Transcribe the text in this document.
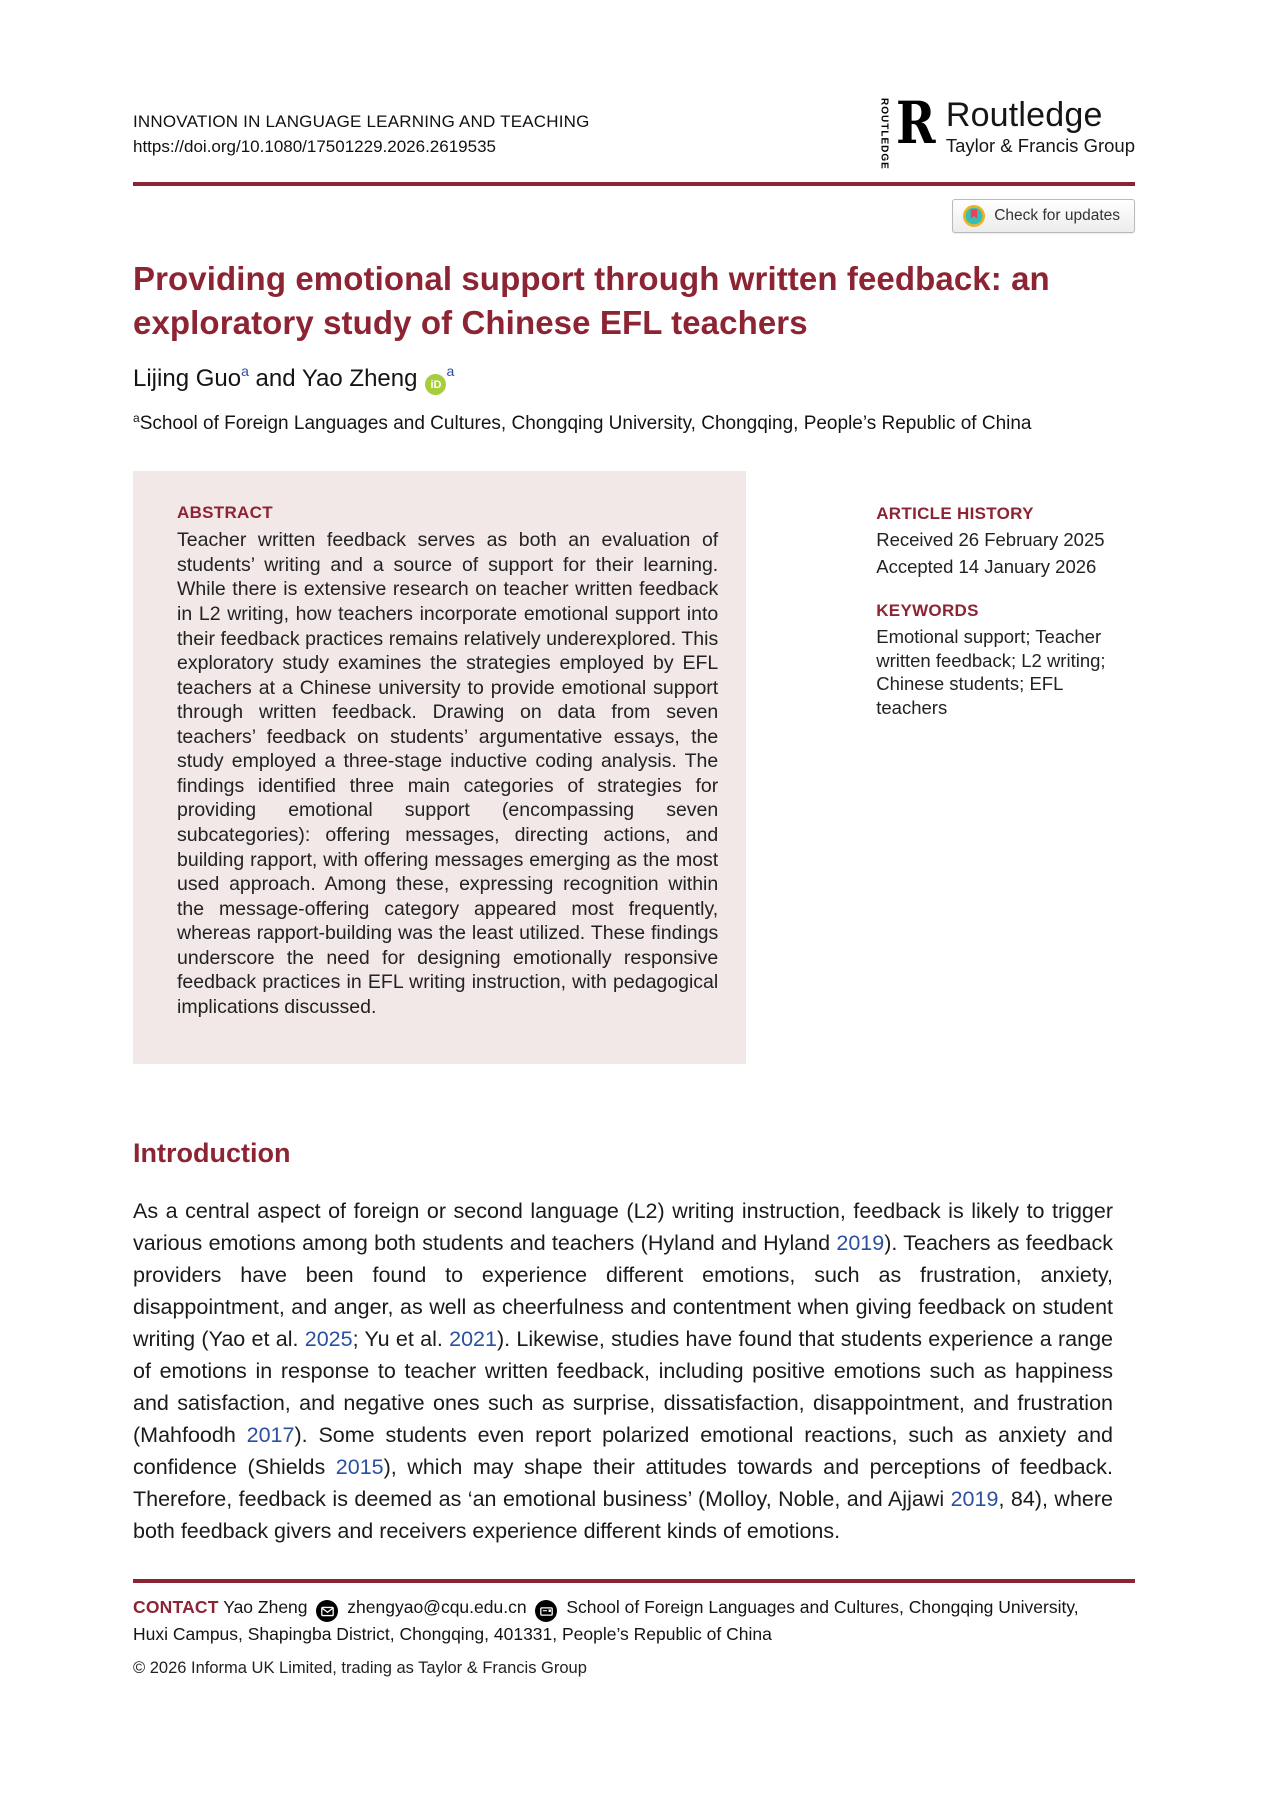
INNOVATION IN LANGUAGE LEARNING AND TEACHING
https://doi.org/10.1080/17501229.2026.2619535	ROUTLEDGE R Routledge
Taylor & Francis Group
Check for updates
Providing emotional support through written feedback: an exploratory study of Chinese EFL teachers
Lijing Guo$^a$ and Yao Zheng $iD^a$
$^a$School of Foreign Languages and Cultures, Chongqing University, Chongqing, People’s Republic of China
ABSTRACT
Teacher written feedback serves as both an evaluation of students’ writing and a source of support for their learning. While there is extensive research on teacher written feedback in L2 writing, how teachers incorporate emotional support into their feedback practices remains relatively underexplored. This exploratory study examines the strategies employed by EFL teachers at a Chinese university to provide emotional support through written feedback. Drawing on data from seven teachers’ feedback on students’ argumentative essays, the study employed a three-stage inductive coding analysis. The findings identified three main categories of strategies for providing emotional support (encompassing seven subcategories): offering messages, directing actions, and building rapport, with offering messages emerging as the most used approach. Among these, expressing recognition within the message-offering category appeared most frequently, whereas rapport-building was the least utilized. These findings underscore the need for designing emotionally responsive feedback practices in EFL writing instruction, with pedagogical implications discussed.
ARTICLE HISTORY
Received 26 February 2025
Accepted 14 January 2026
KEYWORDS
Emotional support; Teacher written feedback; L2 writing; Chinese students; EFL teachers
Introduction

As a central aspect of foreign or second language (L2) writing instruction, feedback is likely to trigger various emotions among both students and teachers (Hyland and Hyland 2019). Teachers as feedback providers have been found to experience different emotions, such as frustration, anxiety, disappointment, and anger, as well as cheerfulness and contentment when giving feedback on student writing (Yao et al. 2025; Yu et al. 2021). Likewise, studies have found that students experience a range of emotions in response to teacher written feedback, including positive emotions such as happiness and satisfaction, and negative ones such as surprise, dissatisfaction, disappointment, and frustration (Mahfoodh 2017). Some students even report polarized emotional reactions, such as anxiety and confidence (Shields 2015), which may shape their attitudes towards and perceptions of feedback. Therefore, feedback is deemed as ‘an emotional business’ (Molloy, Noble, and Ajjawi 2019, 84), where both feedback givers and receivers experience different kinds of emotions.

CONTACT Yao Zheng zhengyao@cqu.edu.cn School of Foreign Languages and Cultures, Chongqing University, Huxi Campus, Shapingba District, Chongqing, 401331, People’s Republic of China
© 2026 Informa UK Limited, trading as Taylor & Francis Group
